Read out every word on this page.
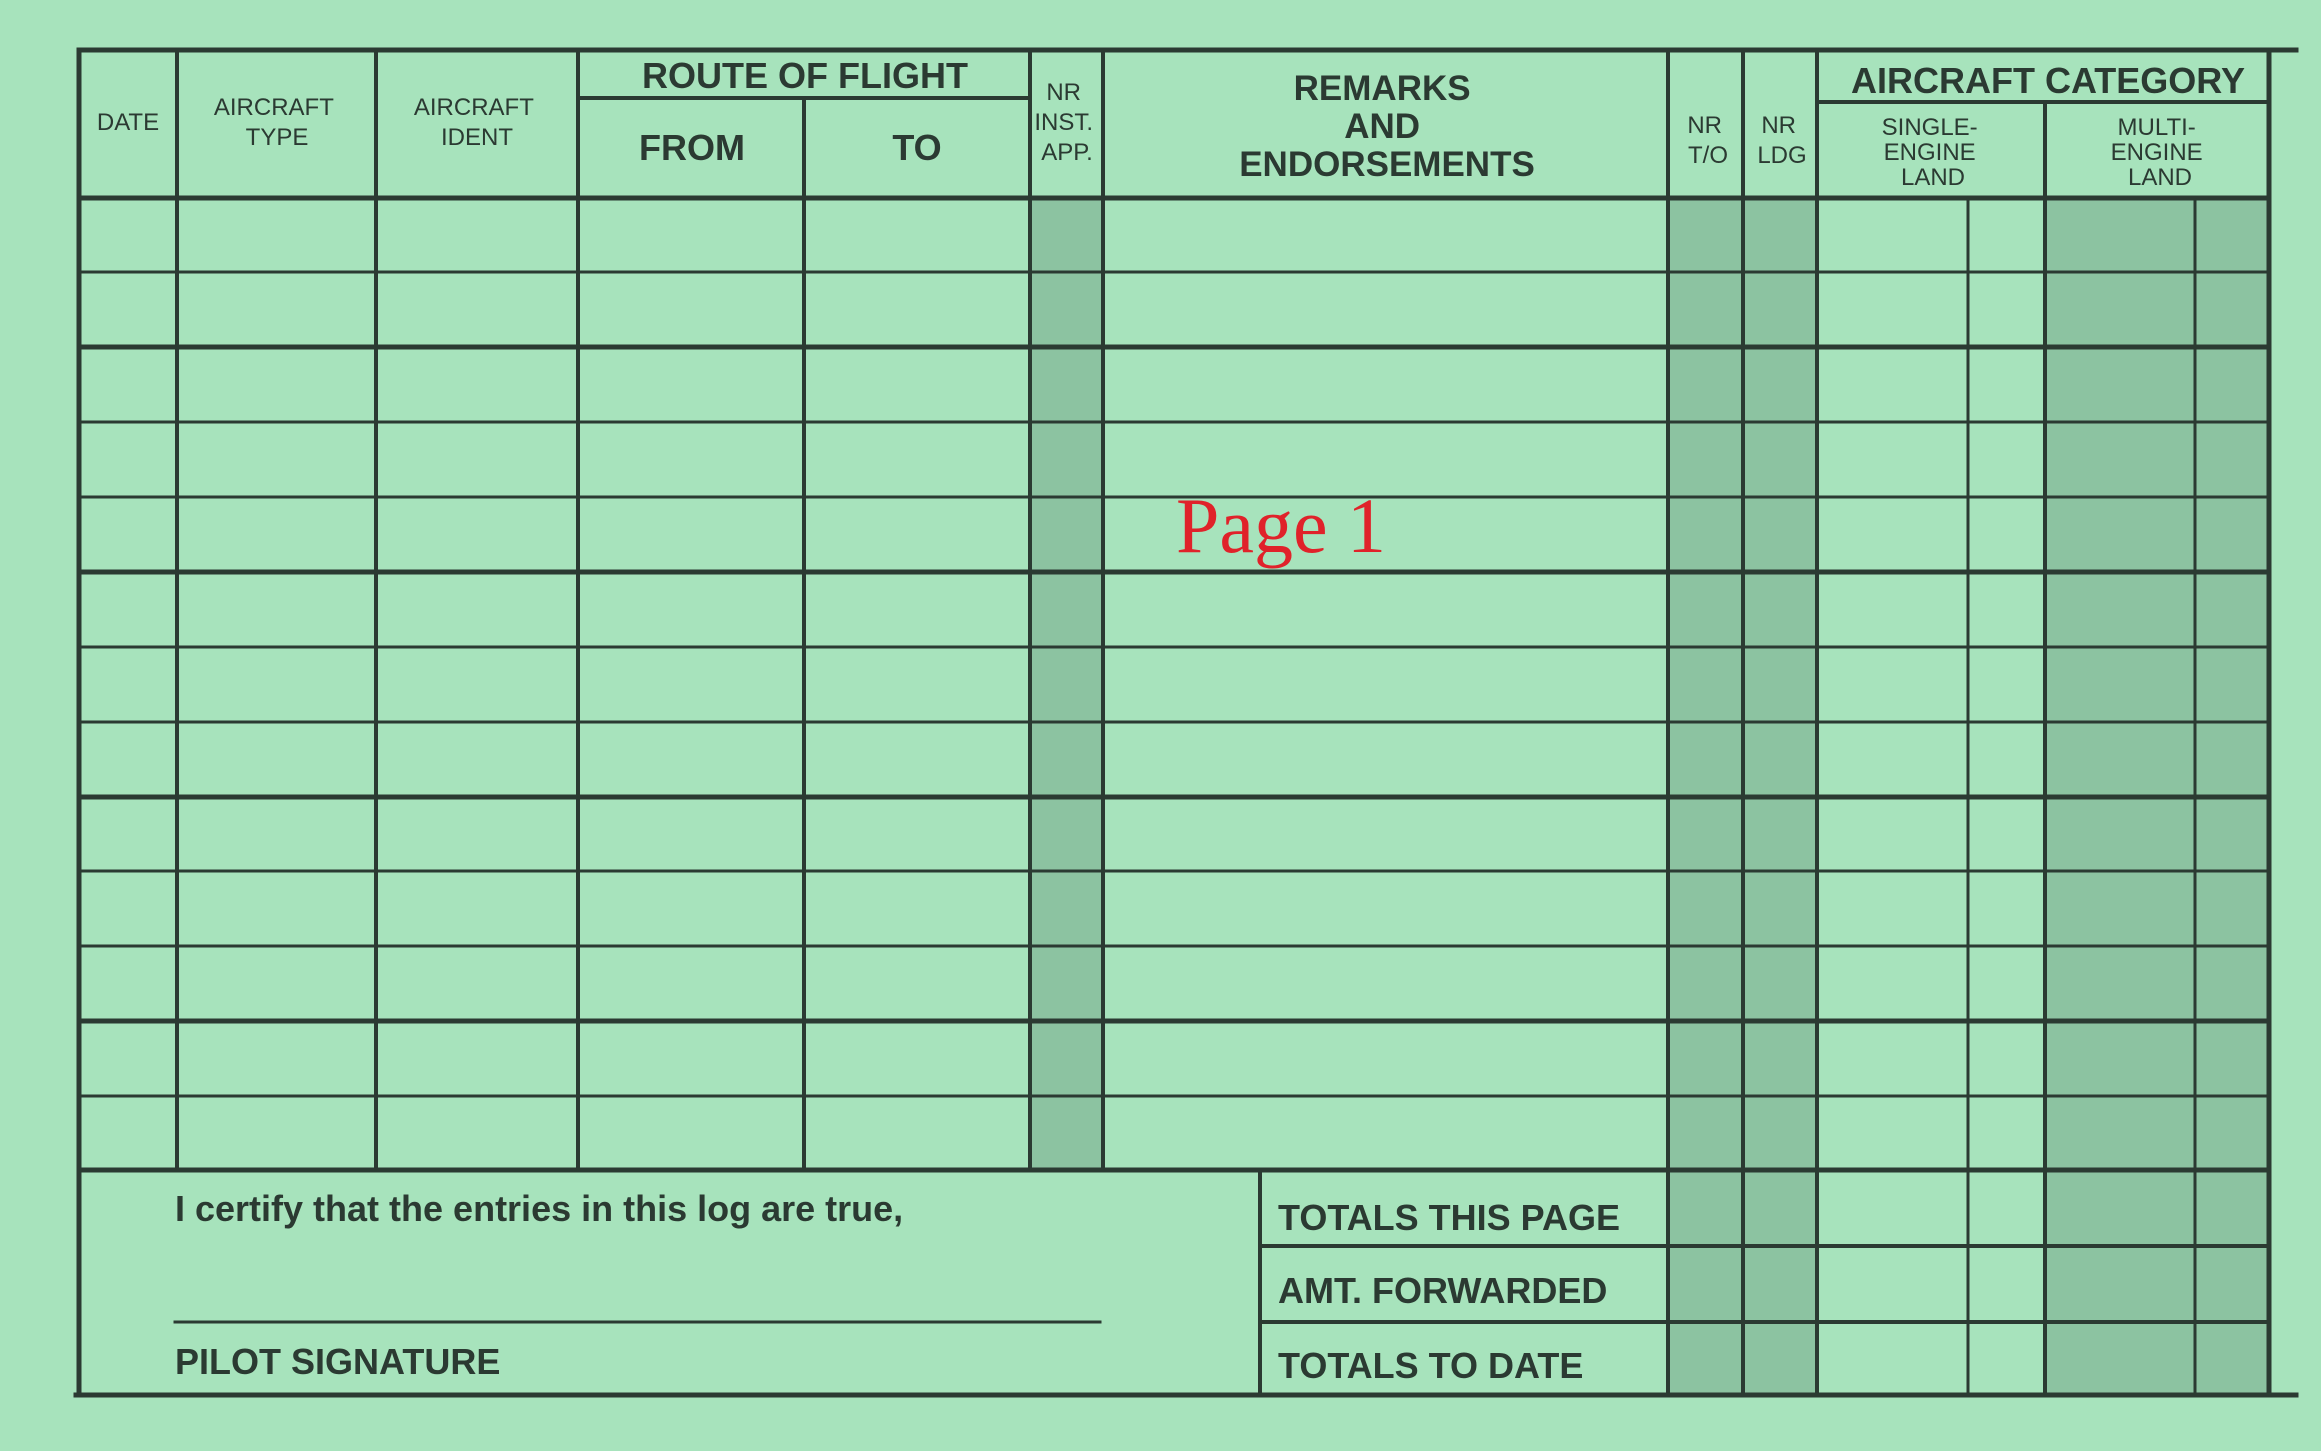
DATE
AIRCRAFT TYPE
AIRCRAFT IDENT
ROUTE OF FLIGHT
FROM	TO
NR INST. APP.
REMARKS AND ENDORSEMENTS
NR T/O
NR LDG
AIRCRAFT CATEGORY
SINGLE- ENGINE LAND
MULTI- ENGINE LAND
I certify that the entries in this log are true,
PILOT SIGNATURE
TOTALS THIS PAGE
AMT. FORWARDED
TOTALS TO DATE
Page 1
